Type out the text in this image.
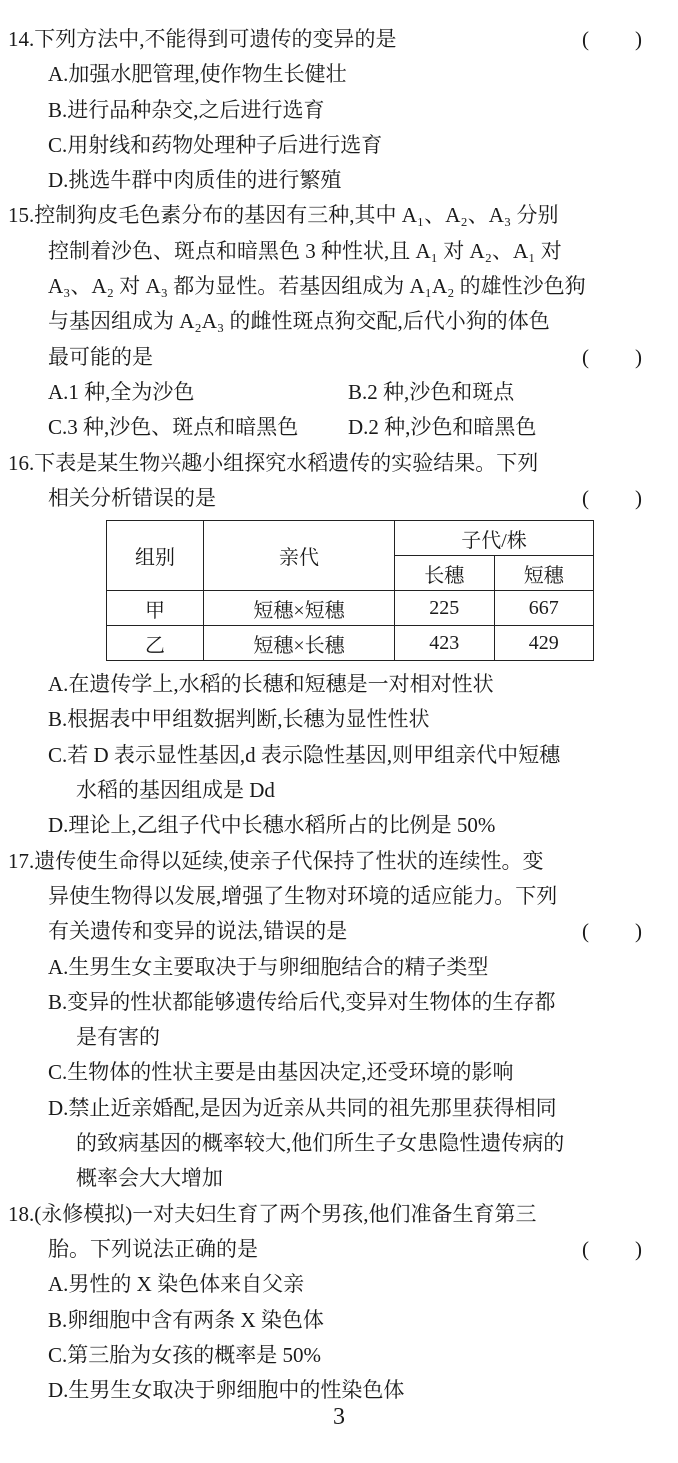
14.下列方法中,不能得到可遗传的变异的是	( )
A.加强水肥管理,使作物生长健壮
B.进行品种杂交,之后进行选育
C.用射线和药物处理种子后进行选育
D.挑选牛群中肉质佳的进行繁殖
15.控制狗皮毛色素分布的基因有三种,其中 A₁、A₂、A₃ 分别
控制着沙色、斑点和暗黑色 3 种性状,且 A₁ 对 A₂、A₁ 对
A₃、A₂ 对 A₃ 都为显性。若基因组成为 A₁A₂ 的雄性沙色狗
与基因组成为 A₂A₃ 的雌性斑点狗交配,后代小狗的体色
最可能的是	( )
A.1 种,全为沙色	B.2 种,沙色和斑点
C.3 种,沙色、斑点和暗黑色 D.2 种,沙色和暗黑色
16.下表是某生物兴趣小组探究水稻遗传的实验结果。下列
相关分析错误的是	( )
组别	亲代	子代/株	
		长穗	短穗
甲	短穗×短穗	225	667
乙	短穗×长穗	423	429
A.在遗传学上,水稻的长穗和短穗是一对相对性状
B.根据表中甲组数据判断,长穗为显性性状
C.若 D 表示显性基因,d 表示隐性基因,则甲组亲代中短穗
水稻的基因组成是 Dd
D.理论上,乙组子代中长穗水稻所占的比例是 50%
17.遗传使生命得以延续,使亲子代保持了性状的连续性。变
异使生物得以发展,增强了生物对环境的适应能力。下列
有关遗传和变异的说法,错误的是	( )
A.生男生女主要取决于与卵细胞结合的精子类型
B.变异的性状都能够遗传给后代,变异对生物体的生存都
是有害的
C.生物体的性状主要是由基因决定,还受环境的影响
D.禁止近亲婚配,是因为近亲从共同的祖先那里获得相同
的致病基因的概率较大,他们所生子女患隐性遗传病的
概率会大大增加
18.(永修模拟)一对夫妇生育了两个男孩,他们准备生育第三
胎。下列说法正确的是	( )
A.男性的 X 染色体来自父亲
B.卵细胞中含有两条 X 染色体
C.第三胎为女孩的概率是 50%
D.生男生女取决于卵细胞中的性染色体
3
